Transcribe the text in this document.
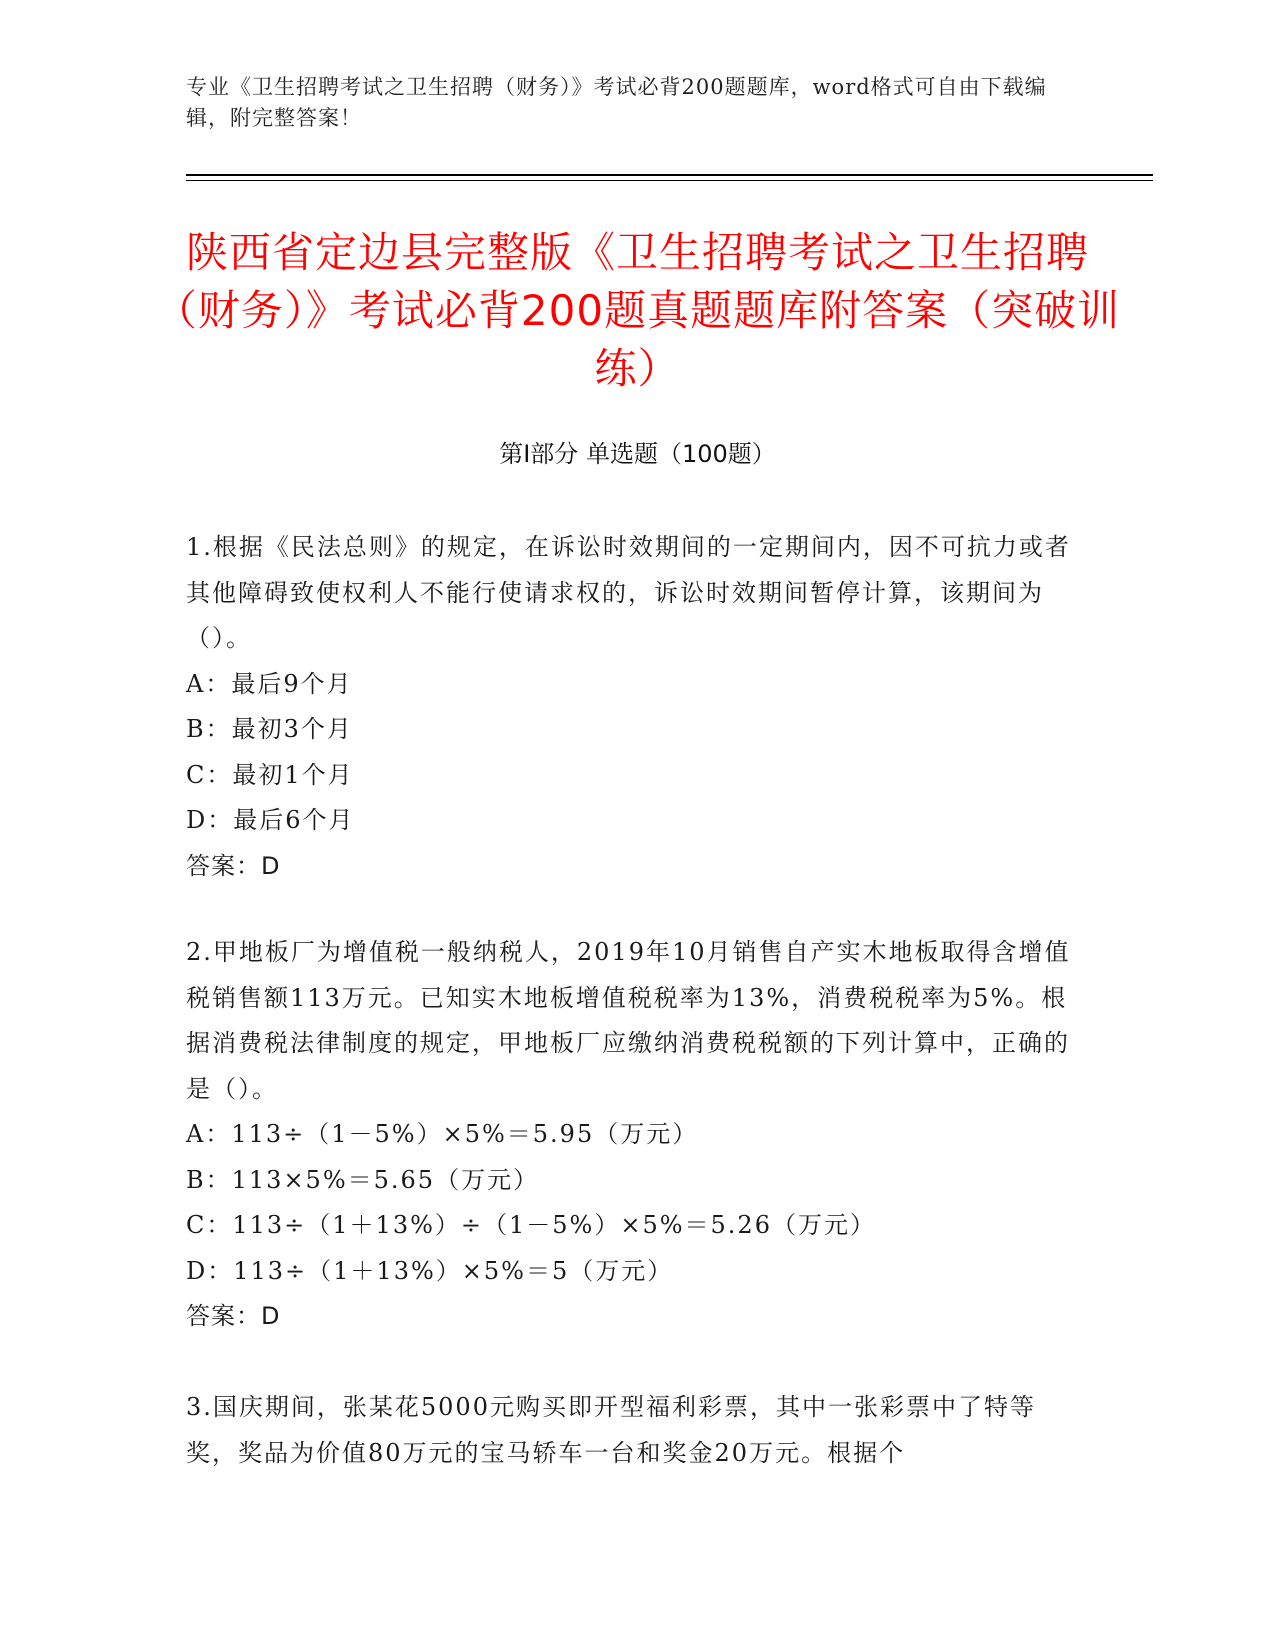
专业《卫生招聘考试之卫生招聘（财务）》考试必背200题题库，word格式可自由下载编辑，附完整答案！
陕西省定边县完整版《卫生招聘考试之卫生招聘（财务）》考试必背200题真题题库附答案（突破训练）
第Ⅰ部分 单选题（100题）

1.根据《民法总则》的规定，在诉讼时效期间的一定期间内，因不可抗力或者其他障碍致使权利人不能行使请求权的，诉讼时效期间暂停计算，该期间为（）。

A：最后9个月

B：最初3个月

C：最初1个月

D：最后6个月

答案：D

2.甲地板厂为增值税一般纳税人，2019年10月销售自产实木地板取得含增值税销售额113万元。已知实木地板增值税税率为13%，消费税税率为5%。根据消费税法律制度的规定，甲地板厂应缴纳消费税税额的下列计算中，正确的是（）。

A：113÷（1－5%）×5%＝5.95（万元）

B：113×5%＝5.65（万元）

C：113÷（1＋13%）÷（1－5%）×5%＝5.26（万元）

D：113÷（1＋13%）×5%＝5（万元）

答案：D

3.国庆期间，张某花5000元购买即开型福利彩票，其中一张彩票中了特等奖，奖品为价值80万元的宝马轿车一台和奖金20万元。根据个
